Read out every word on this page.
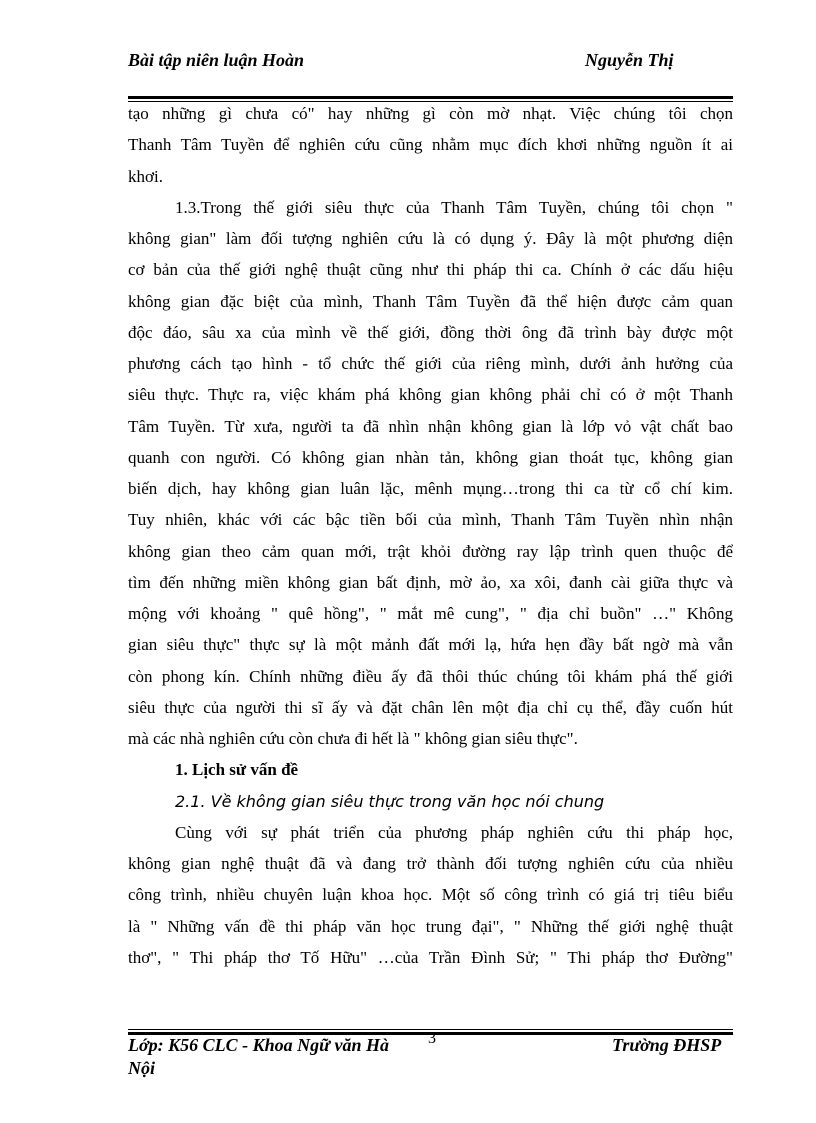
Bài tập niên luận Hoàn	Nguyễn Thị
tạo những gì chưa có" hay những gì còn mờ nhạt. Việc chúng tôi chọn
Thanh Tâm Tuyền để nghiên cứu cũng nhằm mục đích khơi những nguồn ít ai
khơi.
1.3.Trong thế giới siêu thực của Thanh Tâm Tuyền, chúng tôi chọn "
không gian" làm đối tượng nghiên cứu là có dụng ý. Đây là một phương diện
cơ bản của thế giới nghệ thuật cũng như thi pháp thi ca. Chính ở các dấu hiệu
không gian đặc biệt của mình, Thanh Tâm Tuyền đã thể hiện được cảm quan
độc đáo, sâu xa của mình về thế giới, đồng thời ông đã trình bày được một
phương cách tạo hình - tổ chức thế giới của riêng mình, dưới ảnh hưởng của
siêu thực. Thực ra, việc khám phá không gian không phải chỉ có ở một Thanh
Tâm Tuyền. Từ xưa, người ta đã nhìn nhận không gian là lớp vỏ vật chất bao
quanh con người. Có không gian nhàn tản, không gian thoát tục, không gian
biến dịch, hay không gian luân lặc, mênh mụng…trong thi ca từ cổ chí kim.
Tuy nhiên, khác với các bậc tiền bối của mình, Thanh Tâm Tuyền nhìn nhận
không gian theo cảm quan mới, trật khỏi đường ray lập trình quen thuộc để
tìm đến những miền không gian bất định, mờ ảo, xa xôi, đanh cài giữa thực và
mộng với khoảng " quê hồng", " mắt mê cung", " địa chỉ buồn" …" Không
gian siêu thực" thực sự là một mảnh đất mới lạ, hứa hẹn đầy bất ngờ mà vẫn
còn phong kín. Chính những điều ấy đã thôi thúc chúng tôi khám phá thế giới
siêu thực của người thi sĩ ấy và đặt chân lên một địa chỉ cụ thể, đầy cuốn hút
mà các nhà nghiên cứu còn chưa đi hết là " không gian siêu thực".
1. Lịch sử vấn đề
2.1. Về không gian siêu thực trong văn học nói chung
Cùng với sự phát triển của phương pháp nghiên cứu thi pháp học,
không gian nghệ thuật đã và đang trở thành đối tượng nghiên cứu của nhiều
công trình, nhiều chuyên luận khoa học. Một số công trình có giá trị tiêu biểu
là " Những vấn đề thi pháp văn học trung đại", " Những thế giới nghệ thuật
thơ", " Thi pháp thơ Tố Hữu" …của Trần Đình Sử; " Thi pháp thơ Đường"
Lớp: K56 CLC - Khoa Ngữ văn Hà Nội
3	Trường ĐHSP
